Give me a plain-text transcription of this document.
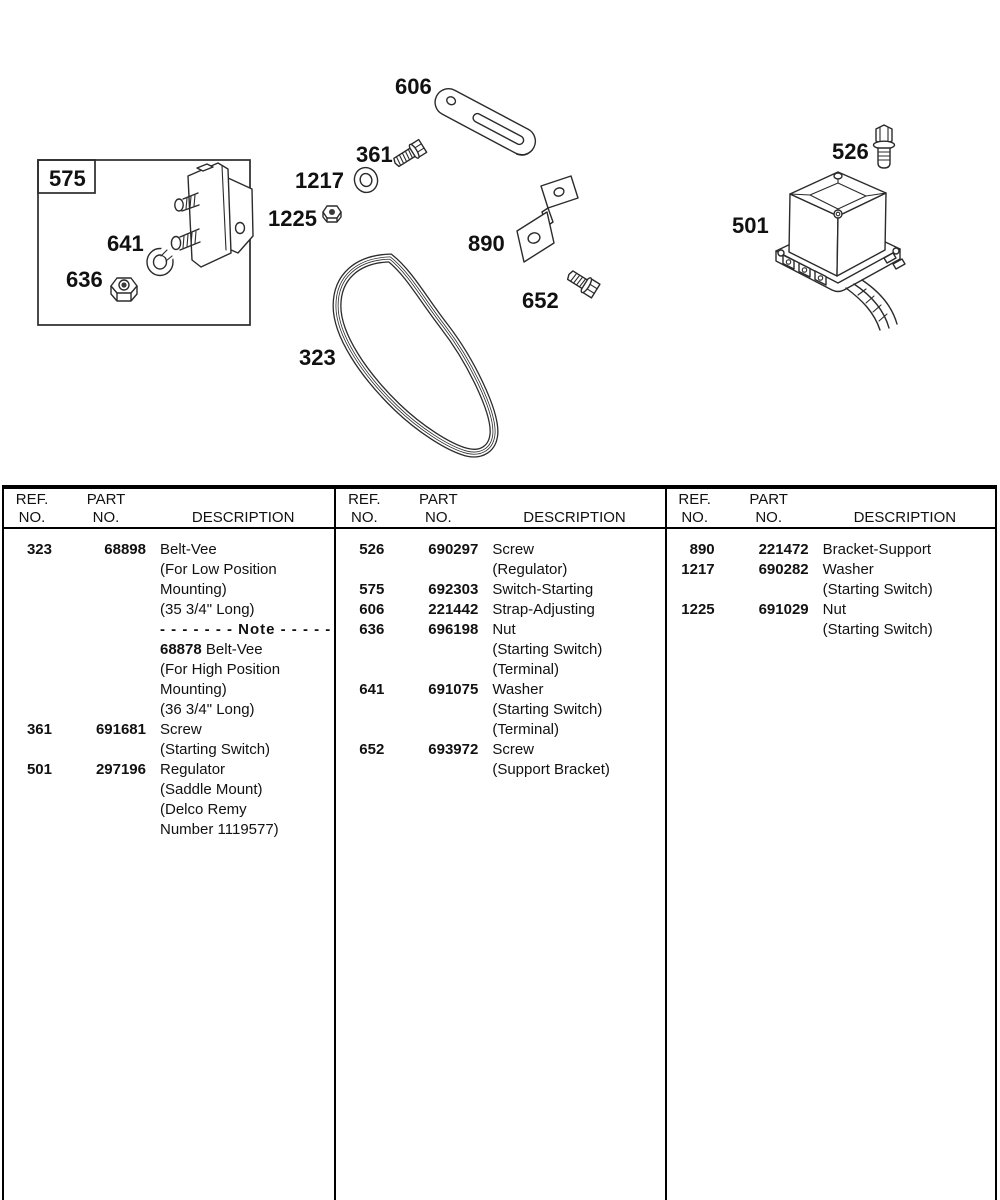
606
361
1217
1225
575
641
636
890
652
526
501
323
REF.
NO.
PART
NO.	DESCRIPTION
323	68898 Belt-Vee
(For Low Position
Mounting)
(35 3/4" Long)
- - - - - - - Note - - - - -
68878 Belt-Vee
(For High Position
Mounting)
(36 3/4" Long)
361	691681 Screw
(Starting Switch)
501	297196 Regulator
(Saddle Mount)
(Delco Remy
Number 1119577)
REF.
NO.
PART
NO.	DESCRIPTION
526	690297 Screw
(Regulator)
575	692303 Switch-Starting
606	221442 Strap-Adjusting
636	696198 Nut
(Starting Switch)
(Terminal)
641	691075 Washer
(Starting Switch)
(Terminal)
652	693972 Screw
(Support Bracket)
REF.
NO.
PART
NO.	DESCRIPTION
890	221472 Bracket-Support
1217	690282 Washer
(Starting Switch)
1225	691029 Nut
(Starting Switch)
